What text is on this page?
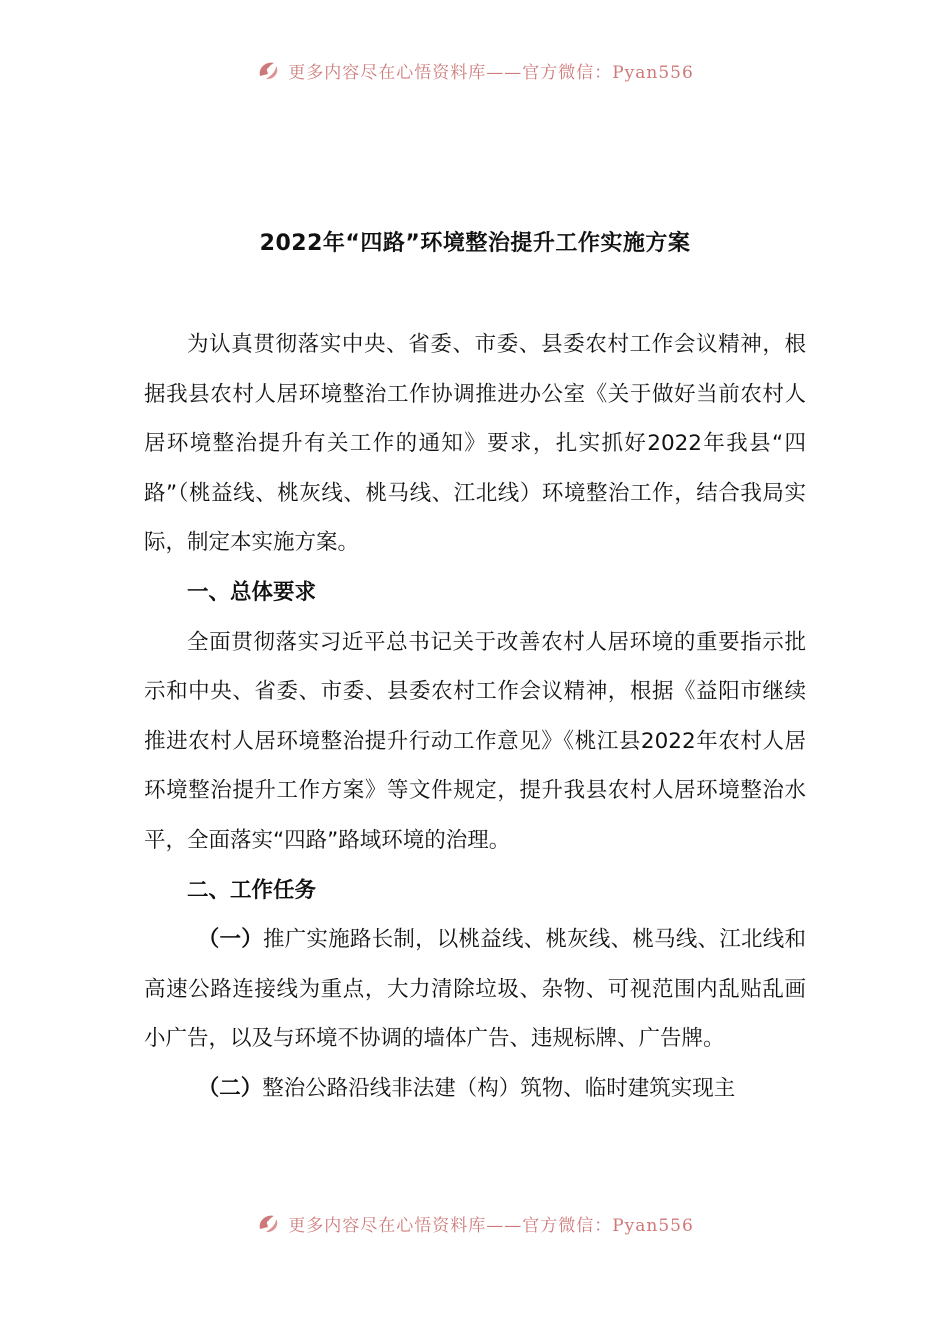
更多内容尽在心悟资料库——官方微信：Pyan556
2022年“四路”环境整治提升工作实施方案

为认真贯彻落实中央、省委、市委、县委农村工作会议精神，根据我县农村人居环境整治工作协调推进办公室《关于做好当前农村人居环境整治提升有关工作的通知》要求，扎实抓好2022年我县“四路”（桃益线、桃灰线、桃马线、江北线）环境整治工作，结合我局实际，制定本实施方案。

一、总体要求

全面贯彻落实习近平总书记关于改善农村人居环境的重要指示批示和中央、省委、市委、县委农村工作会议精神，根据《益阳市继续推进农村人居环境整治提升行动工作意见》《桃江县2022年农村人居环境整治提升工作方案》等文件规定，提升我县农村人居环境整治水平，全面落实“四路”路域环境的治理。

二、工作任务

（一）推广实施路长制，以桃益线、桃灰线、桃马线、江北线和高速公路连接线为重点，大力清除垃圾、杂物、可视范围内乱贴乱画小广告，以及与环境不协调的墙体广告、违规标牌、广告牌。

（二）整治公路沿线非法建（构）筑物、临时建筑实现主

更多内容尽在心悟资料库——官方微信：Pyan556
